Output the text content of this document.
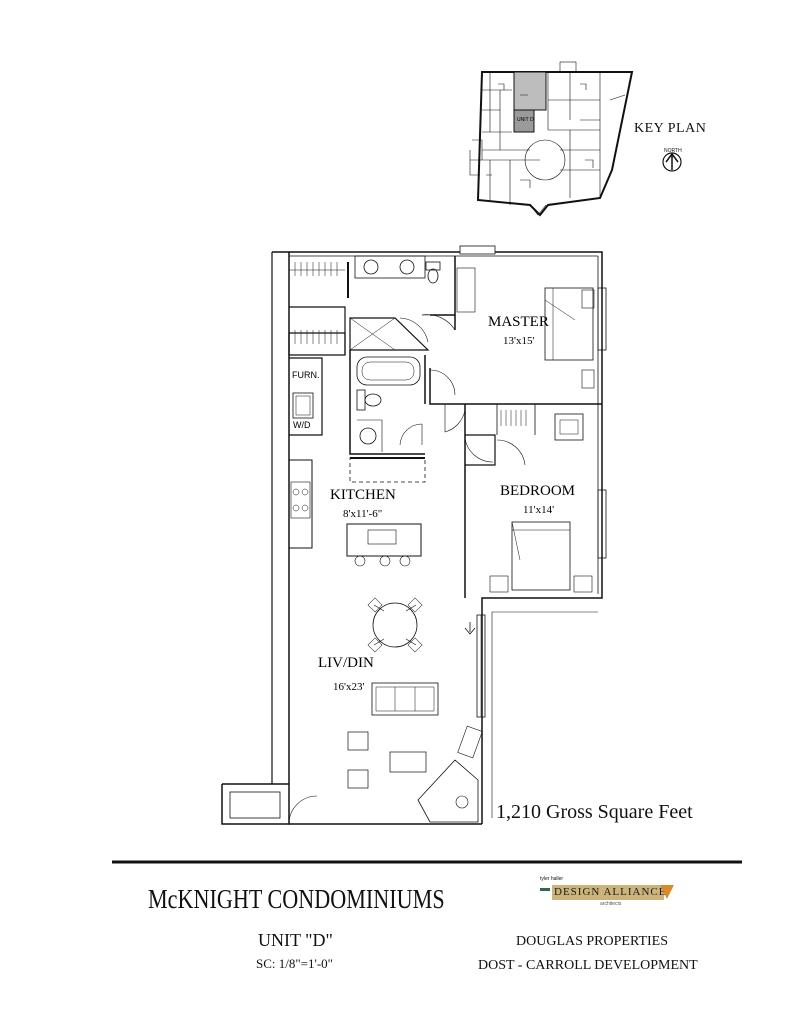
MASTER
13'x15'
BEDROOM
11'x14'
KITCHEN
8'x11'-6"
LIV/DIN
16'x23'
FURN.
W/D
UNIT D
KEY PLAN
NORTH
1,210 Gross Square Feet
McKNIGHT CONDOMINIUMS
UNIT "D"
SC: 1/8"=1'-0"
DOUGLAS PROPERTIES
DOST - CARROLL DEVELOPMENT
tyler haller
DESIGN ALLIANCE
architects
